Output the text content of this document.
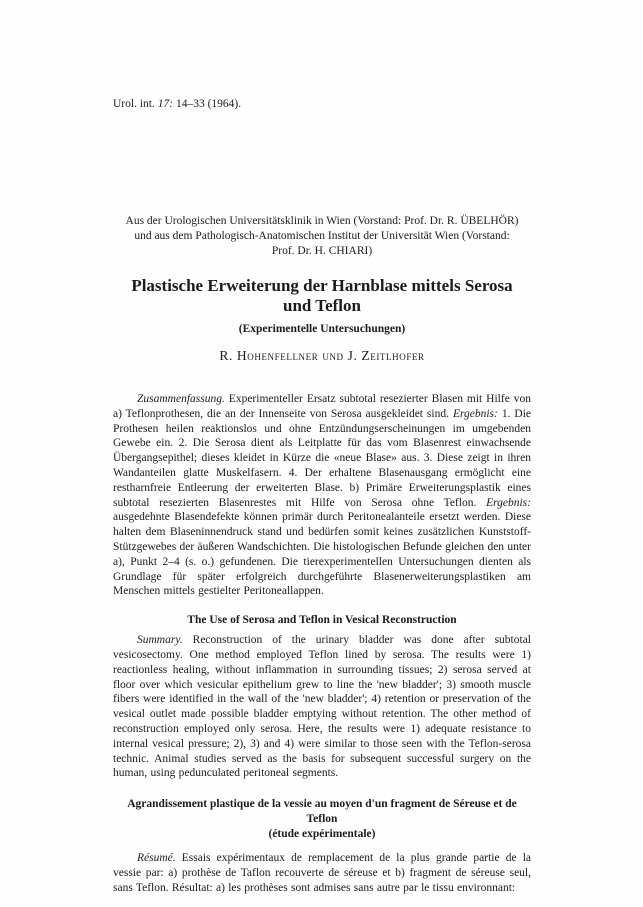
Urol. int. 17: 14–33 (1964).

Aus der Urologischen Universitätsklinik in Wien (Vorstand: Prof. Dr. R. ÜBELHÖR)
und aus dem Pathologisch-Anatomischen Institut der Universität Wien (Vorstand:
Prof. Dr. H. CHIARI)

Plastische Erweiterung der Harnblase mittels Serosa
und Teflon
(Experimentelle Untersuchungen)

R. Hohenfellner und J. Zeitlhofer

Zusammenfassung. Experimenteller Ersatz subtotal resezierter Blasen mit Hilfe von a) Teflonprothesen, die an der Innenseite von Serosa ausgekleidet sind. Ergebnis: 1. Die Prothesen heilen reaktionslos und ohne Entzündungserscheinungen im umgebenden Gewebe ein. 2. Die Serosa dient als Leitplatte für das vom Blasenrest einwachsende Übergangsepithel; dieses kleidet in Kürze die «neue Blase» aus. 3. Diese zeigt in ihren Wandanteilen glatte Muskelfasern. 4. Der erhaltene Blasenausgang ermöglicht eine restharnfreie Entleerung der erweiterten Blase. b) Primäre Erweiterungsplastik eines subtotal resezierten Blasenrestes mit Hilfe von Serosa ohne Teflon. Ergebnis: ausgedehnte Blasendefekte können primär durch Peritonealanteile ersetzt werden. Diese halten dem Blaseninnendruck stand und bedürfen somit keines zusätzlichen Kunststoff-Stützgewebes der äußeren Wandschichten. Die histologischen Befunde gleichen den unter a), Punkt 2–4 (s. o.) gefundenen. Die tierexperimentellen Untersuchungen dienten als Grundlage für später erfolgreich durchgeführte Blasenerweiterungsplastiken am Menschen mittels gestielter Peritoneallappen.

The Use of Serosa and Teflon in Vesical Reconstruction

Summary. Reconstruction of the urinary bladder was done after subtotal vesicosectomy. One method employed Teflon lined by serosa. The results were 1) reactionless healing, without inflammation in surrounding tissues; 2) serosa served at floor over which vesicular epithelium grew to line the 'new bladder'; 3) smooth muscle fibers were identified in the wall of the 'new bladder'; 4) retention or preservation of the vesical outlet made possible bladder emptying without retention. The other method of reconstruction employed only serosa. Here, the results were 1) adequate resistance to internal vesical pressure; 2), 3) and 4) were similar to those seen with the Teflon-serosa technic. Animal studies served as the basis for subsequent successful surgery on the human, using pedunculated peritoneal segments.

Agrandissement plastique de la vessie au moyen d'un fragment de Séreuse et de Teflon
(étude expérimentale)

Résumé. Essais expérimentaux de remplacement de la plus grande partie de la vessie par: a) prothèse de Taflon recouverte de séreuse et b) fragment de séreuse seul, sans Teflon. Résultat: a) les prothèses sont admises sans autre par le tissu environnant:
